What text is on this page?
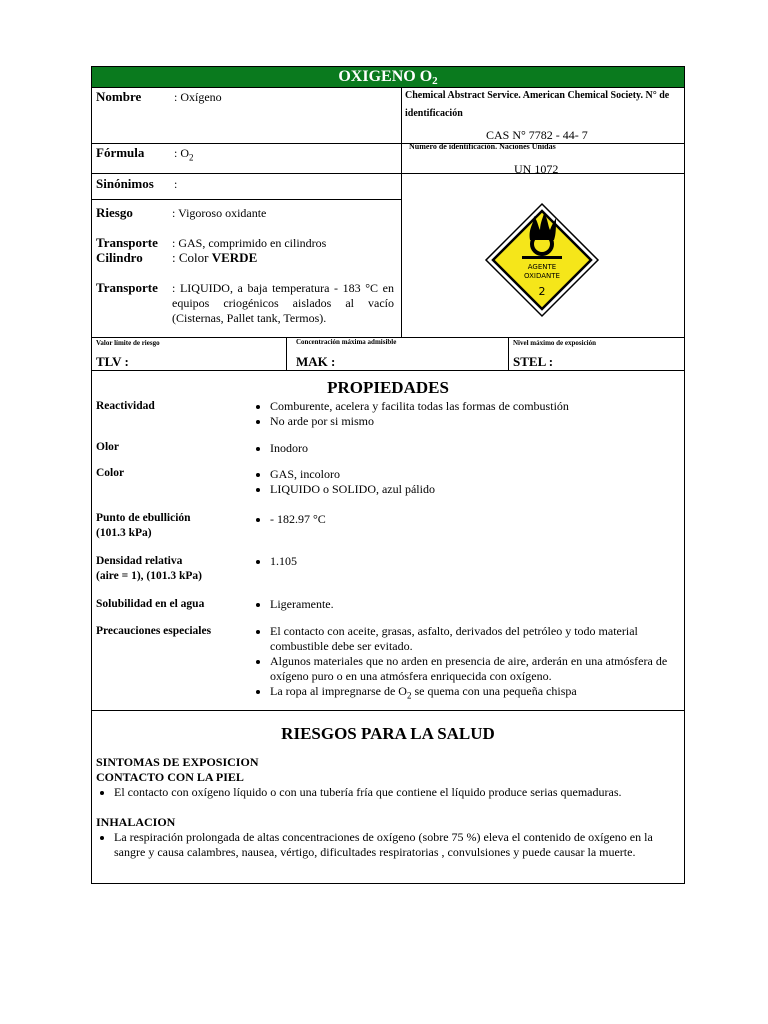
OXIGENO $O_2$
Nombre	: Oxígeno
Fórmula : $O_2$
Sinónimos :
Riesgo	: Vigoroso oxidante
Transporte : GAS, comprimido en cilindros
Cilindro : Color VERDE
Transporte : LIQUIDO, a baja temperatura - 183 °C en equipos criogénicos aislados al vacío (Cisternas, Pallet tank, Termos).
Chemical Abstract Service. American Chemical Society. N° de identificación
CAS N° 7782 - 44- 7
Número de identificación. Naciones Unidas
UN 1072
AGENTE
OXIDANTE
2
Valor límite de riesgo
TLV :
Concentración máxima admisible
MAK :
Nivel máximo de exposición
STEL :
PROPIEDADES
Reactividad	• Comburente, acelera y facilita todas las formas de combustión
• No arde por si mismo
Olor	• Inodoro
Color	• GAS, incoloro
• LIQUIDO o SOLIDO, azul pálido
Punto de ebullición
(101.3 kPa)
• - 182.97 °C
Densidad relativa
(aire = 1), (101.3 kPa)
• 1.105
Solubilidad en el agua	• Ligeramente.
Precauciones especiales	• El contacto con aceite, grasas, asfalto, derivados del petróleo y todo material combustible debe ser evitado.
• Algunos materiales que no arden en presencia de aire, arderán en una atmósfera de oxígeno puro o en una atmósfera enriquecida con oxígeno.
• La ropa al impregnarse de $O_2$ se quema con una pequeña chispa
RIESGOS PARA LA SALUD
SINTOMAS DE EXPOSICION
CONTACTO CON LA PIEL
• El contacto con oxígeno líquido o con una tubería fría que contiene el líquido produce serias quemaduras.
INHALACION
• La respiración prolongada de altas concentraciones de oxígeno (sobre 75 %) eleva el contenido de oxígeno en la sangre y causa calambres, nausea, vértigo, dificultades respiratorias , convulsiones y puede causar la muerte.
